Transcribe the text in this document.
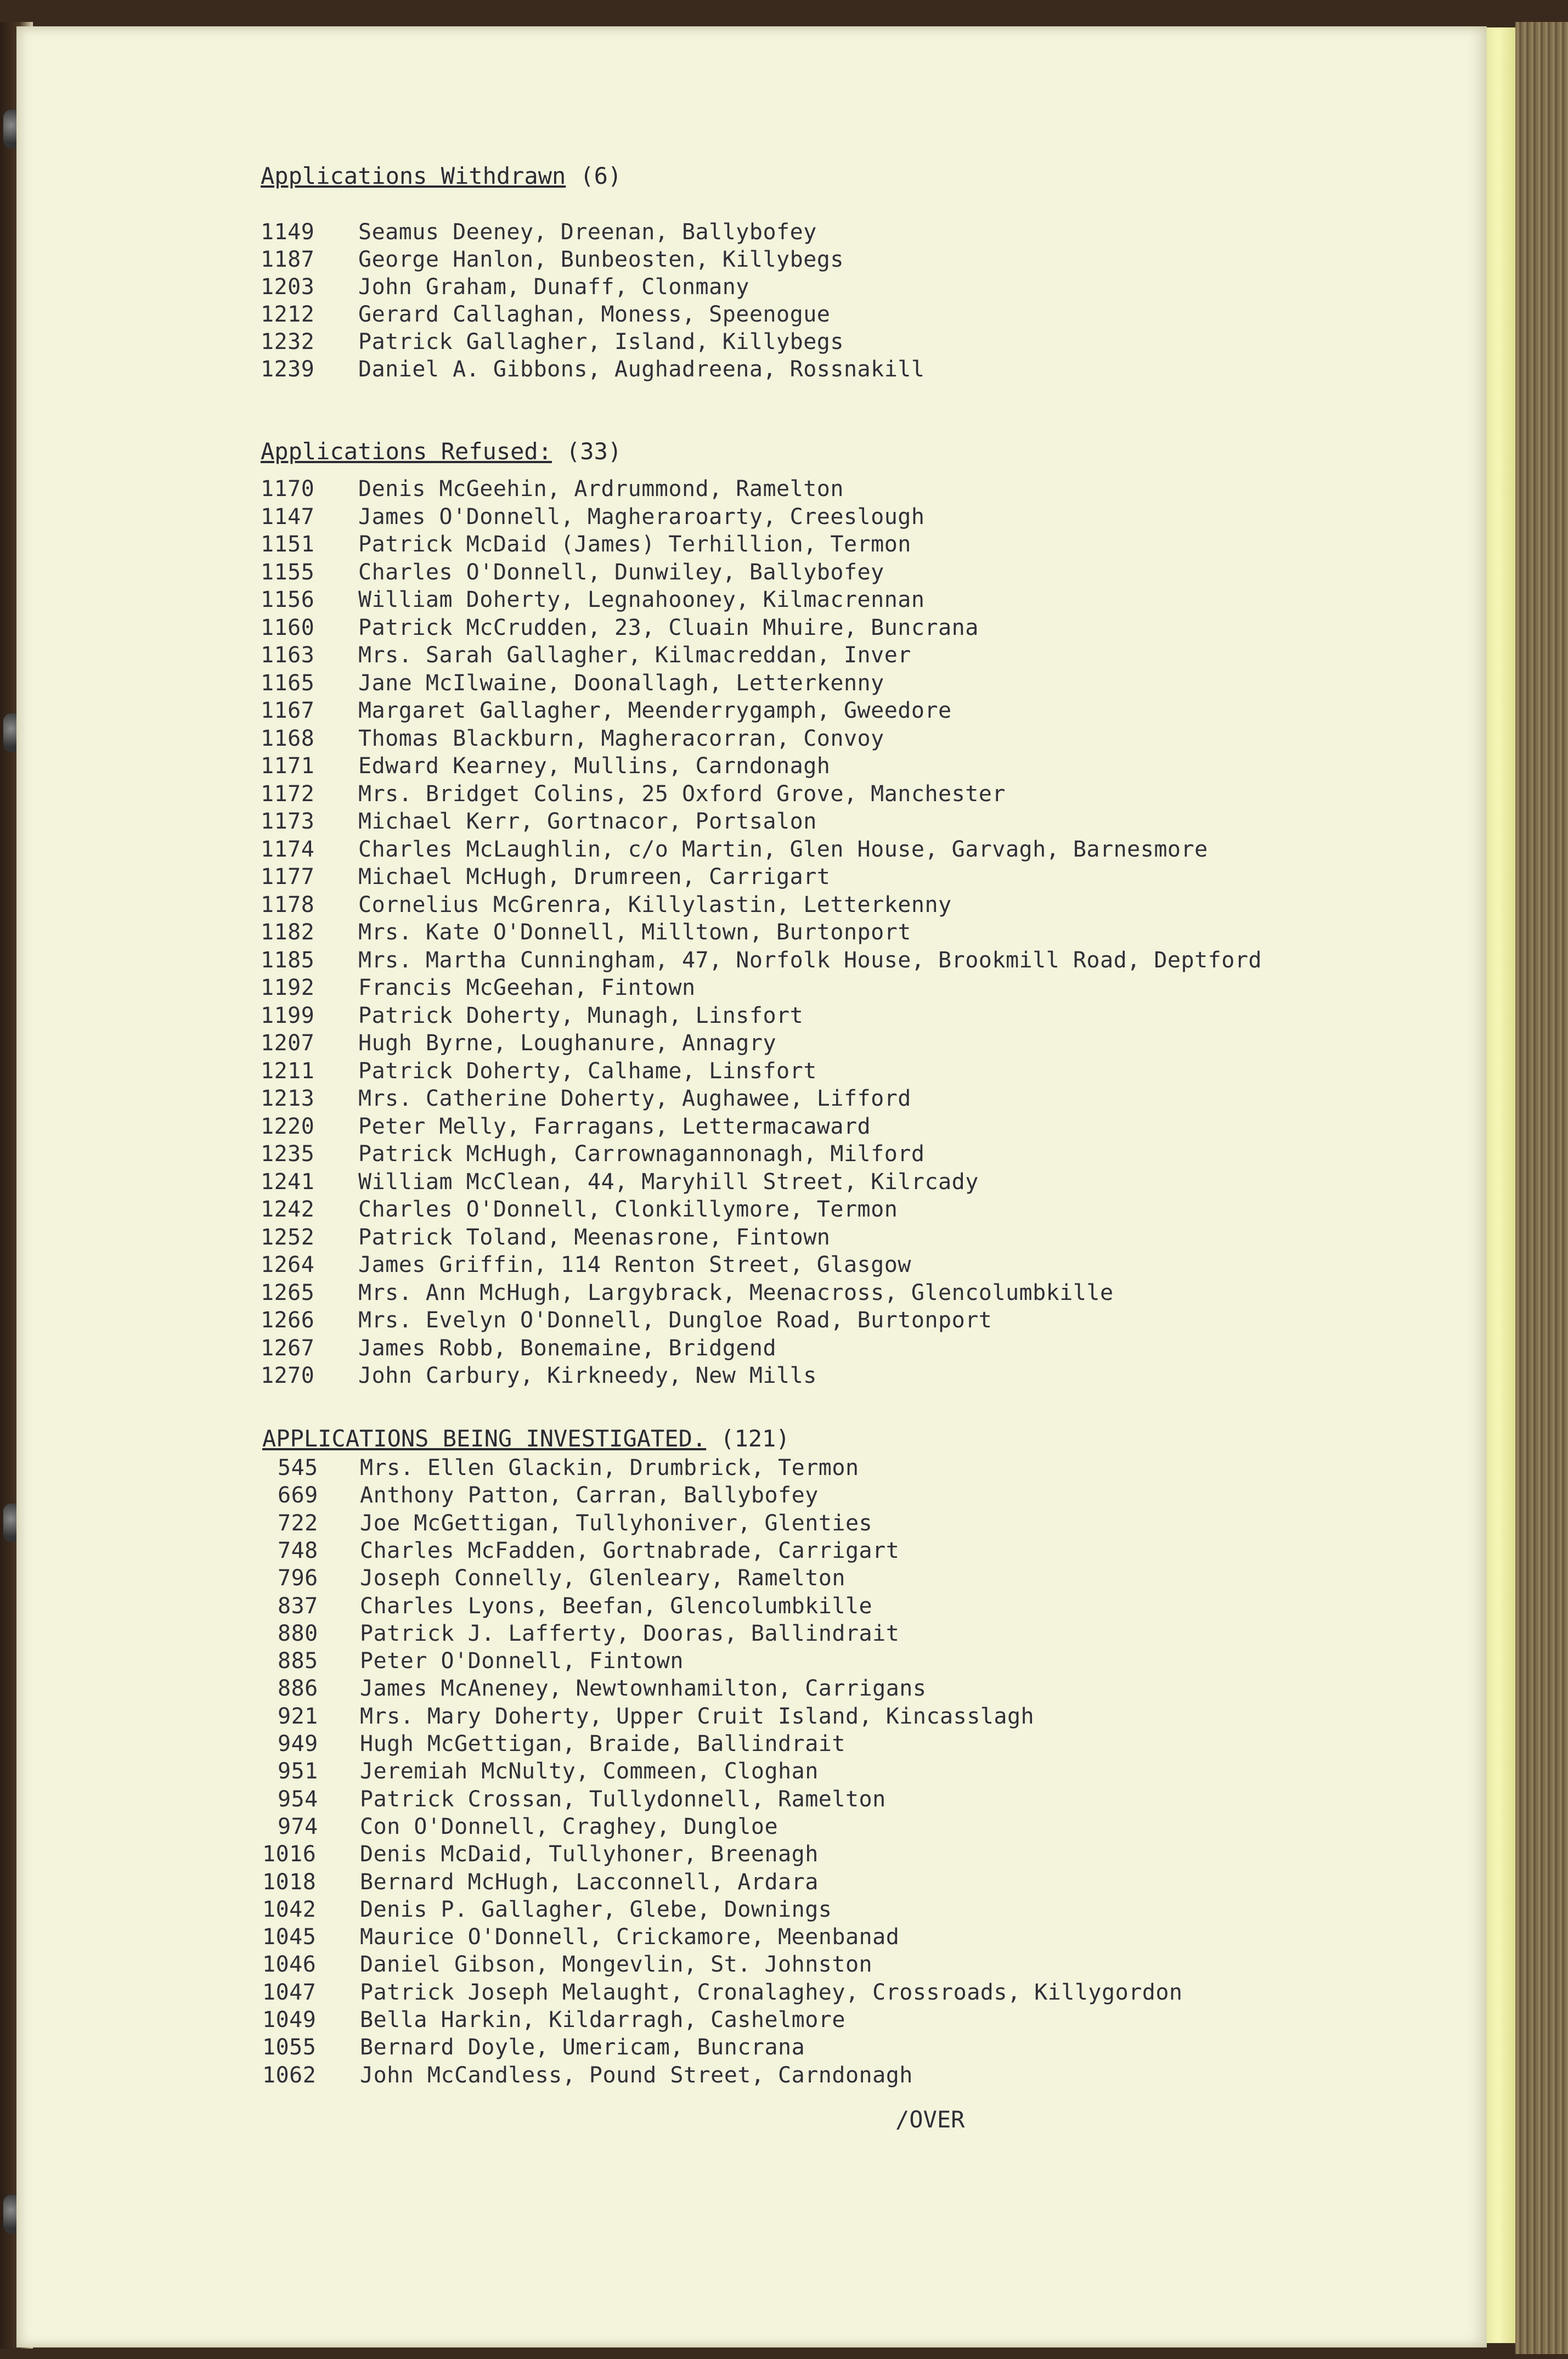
Applications Withdrawn (6)
1149	Seamus Deeney, Dreenan, Ballybofey
1187	George Hanlon, Bunbeosten, Killybegs
1203	John Graham, Dunaff, Clonmany
1212	Gerard Callaghan, Moness, Speenogue
1232	Patrick Gallagher, Island, Killybegs
1239	Daniel A. Gibbons, Aughadreena, Rossnakill
Applications Refused: (33)
1170	Denis McGeehin, Ardrummond, Ramelton
1147	James O'Donnell, Magheraroarty, Creeslough
1151	Patrick McDaid (James) Terhillion, Termon
1155	Charles O'Donnell, Dunwiley, Ballybofey
1156	William Doherty, Legnahooney, Kilmacrennan
1160	Patrick McCrudden, 23, Cluain Mhuire, Buncrana
1163	Mrs. Sarah Gallagher, Kilmacreddan, Inver
1165	Jane McIlwaine, Doonallagh, Letterkenny
1167	Margaret Gallagher, Meenderrygamph, Gweedore
1168	Thomas Blackburn, Magheracorran, Convoy
1171	Edward Kearney, Mullins, Carndonagh
1172	Mrs. Bridget Colins, 25 Oxford Grove, Manchester
1173	Michael Kerr, Gortnacor, Portsalon
1174	Charles McLaughlin, c/o Martin, Glen House, Garvagh, Barnesmore
1177	Michael McHugh, Drumreen, Carrigart
1178	Cornelius McGrenra, Killylastin, Letterkenny
1182	Mrs. Kate O'Donnell, Milltown, Burtonport
1185	Mrs. Martha Cunningham, 47, Norfolk House, Brookmill Road, Deptford
1192	Francis McGeehan, Fintown
1199	Patrick Doherty, Munagh, Linsfort
1207	Hugh Byrne, Loughanure, Annagry
1211	Patrick Doherty, Calhame, Linsfort
1213	Mrs. Catherine Doherty, Aughawee, Lifford
1220	Peter Melly, Farragans, Lettermacaward
1235	Patrick McHugh, Carrownagannonagh, Milford
1241	William McClean, 44, Maryhill Street, Kilrcady
1242	Charles O'Donnell, Clonkillymore, Termon
1252	Patrick Toland, Meenasrone, Fintown
1264	James Griffin, 114 Renton Street, Glasgow
1265	Mrs. Ann McHugh, Largybrack, Meenacross, Glencolumbkille
1266	Mrs. Evelyn O'Donnell, Dungloe Road, Burtonport
1267	James Robb, Bonemaine, Bridgend
1270	John Carbury, Kirkneedy, New Mills
APPLICATIONS BEING INVESTIGATED. (121)
545	Mrs. Ellen Glackin, Drumbrick, Termon
669	Anthony Patton, Carran, Ballybofey
722	Joe McGettigan, Tullyhoniver, Glenties
748	Charles McFadden, Gortnabrade, Carrigart
796	Joseph Connelly, Glenleary, Ramelton
837	Charles Lyons, Beefan, Glencolumbkille
880	Patrick J. Lafferty, Dooras, Ballindrait
885	Peter O'Donnell, Fintown
886	James McAneney, Newtownhamilton, Carrigans
921	Mrs. Mary Doherty, Upper Cruit Island, Kincasslagh
949	Hugh McGettigan, Braide, Ballindrait
951	Jeremiah McNulty, Commeen, Cloghan
954	Patrick Crossan, Tullydonnell, Ramelton
974	Con O'Donnell, Craghey, Dungloe
1016	Denis McDaid, Tullyhoner, Breenagh
1018	Bernard McHugh, Lacconnell, Ardara
1042	Denis P. Gallagher, Glebe, Downings
1045	Maurice O'Donnell, Crickamore, Meenbanad
1046	Daniel Gibson, Mongevlin, St. Johnston
1047	Patrick Joseph Melaught, Cronalaghey, Crossroads, Killygordon
1049	Bella Harkin, Kildarragh, Cashelmore
1055	Bernard Doyle, Umericam, Buncrana
1062	John McCandless, Pound Street, Carndonagh
/OVER
